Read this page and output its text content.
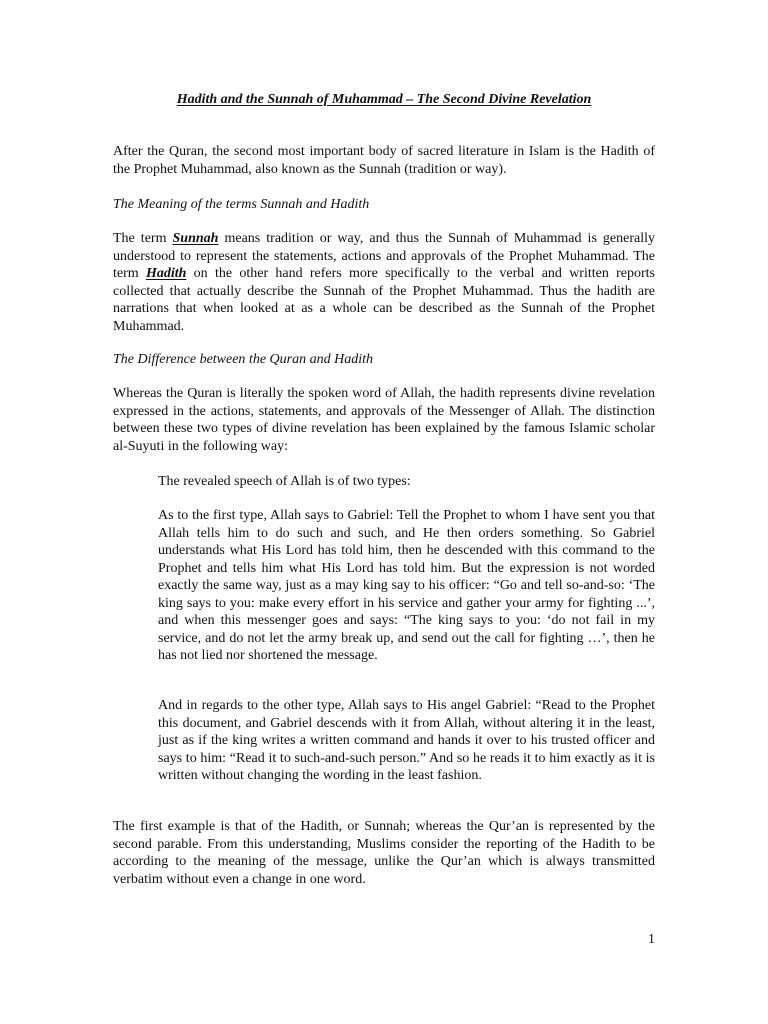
Hadith and the Sunnah of Muhammad – The Second Divine Revelation

After the Quran, the second most important body of sacred literature in Islam is the Hadith of the Prophet Muhammad, also known as the Sunnah (tradition or way).

The Meaning of the terms Sunnah and Hadith

The term Sunnah means tradition or way, and thus the Sunnah of Muhammad is generally understood to represent the statements, actions and approvals of the Prophet Muhammad. The term Hadith on the other hand refers more specifically to the verbal and written reports collected that actually describe the Sunnah of the Prophet Muhammad. Thus the hadith are narrations that when looked at as a whole can be described as the Sunnah of the Prophet Muhammad.

The Difference between the Quran and Hadith

Whereas the Quran is literally the spoken word of Allah, the hadith represents divine revelation expressed in the actions, statements, and approvals of the Messenger of Allah. The distinction between these two types of divine revelation has been explained by the famous Islamic scholar al-Suyuti in the following way:

The revealed speech of Allah is of two types:

As to the first type, Allah says to Gabriel: Tell the Prophet to whom I have sent you that Allah tells him to do such and such, and He then orders something. So Gabriel understands what His Lord has told him, then he descended with this command to the Prophet and tells him what His Lord has told him. But the expression is not worded exactly the same way, just as a may king say to his officer: “Go and tell so-and-so: ‘The king says to you: make every effort in his service and gather your army for fighting ...’, and when this messenger goes and says: “The king says to you: ‘do not fail in my service, and do not let the army break up, and send out the call for fighting …’, then he has not lied nor shortened the message.

And in regards to the other type, Allah says to His angel Gabriel: “Read to the Prophet this document, and Gabriel descends with it from Allah, without altering it in the least, just as if the king writes a written command and hands it over to his trusted officer and says to him: “Read it to such-and-such person.” And so he reads it to him exactly as it is written without changing the wording in the least fashion.

The first example is that of the Hadith, or Sunnah; whereas the Qur’an is represented by the second parable. From this understanding, Muslims consider the reporting of the Hadith to be according to the meaning of the message, unlike the Qur’an which is always transmitted verbatim without even a change in one word.

1
